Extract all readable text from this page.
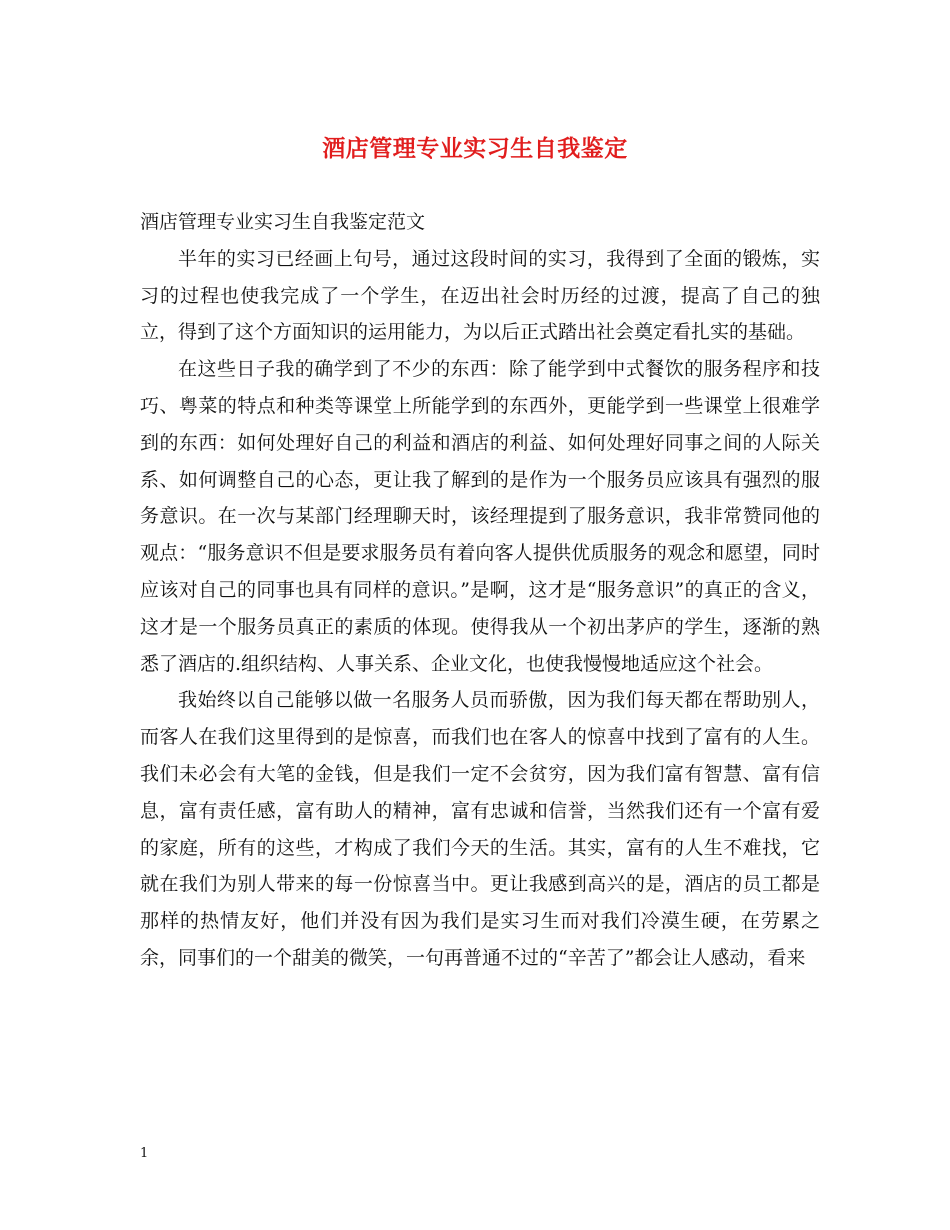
酒店管理专业实习生自我鉴定

酒店管理专业实习生自我鉴定范文

半年的实习已经画上句号，通过这段时间的实习，我得到了全面的锻炼，实习的过程也使我完成了一个学生，在迈出社会时历经的过渡，提高了自己的独立，得到了这个方面知识的运用能力，为以后正式踏出社会奠定看扎实的基础。

在这些日子我的确学到了不少的东西：除了能学到中式餐饮的服务程序和技巧、粤菜的特点和种类等课堂上所能学到的东西外，更能学到一些课堂上很难学到的东西：如何处理好自己的利益和酒店的利益、如何处理好同事之间的人际关系、如何调整自己的心态，更让我了解到的是作为一个服务员应该具有强烈的服务意识。在一次与某部门经理聊天时，该经理提到了服务意识，我非常赞同他的观点：“服务意识不但是要求服务员有着向客人提供优质服务的观念和愿望，同时应该对自己的同事也具有同样的意识。”是啊，这才是“服务意识”的真正的含义，这才是一个服务员真正的素质的体现。使得我从一个初出茅庐的学生，逐渐的熟悉了酒店的.组织结构、人事关系、企业文化，也使我慢慢地适应这个社会。

我始终以自己能够以做一名服务人员而骄傲，因为我们每天都在帮助别人，而客人在我们这里得到的是惊喜，而我们也在客人的惊喜中找到了富有的人生。我们未必会有大笔的金钱，但是我们一定不会贫穷，因为我们富有智慧、富有信息，富有责任感，富有助人的精神，富有忠诚和信誉，当然我们还有一个富有爱的家庭，所有的这些，才构成了我们今天的生活。其实，富有的人生不难找，它就在我们为别人带来的每一份惊喜当中。更让我感到高兴的是，酒店的员工都是那样的热情友好，他们并没有因为我们是实习生而对我们冷漠生硬，在劳累之余，同事们的一个甜美的微笑，一句再普通不过的“辛苦了”都会让人感动，看来

1
